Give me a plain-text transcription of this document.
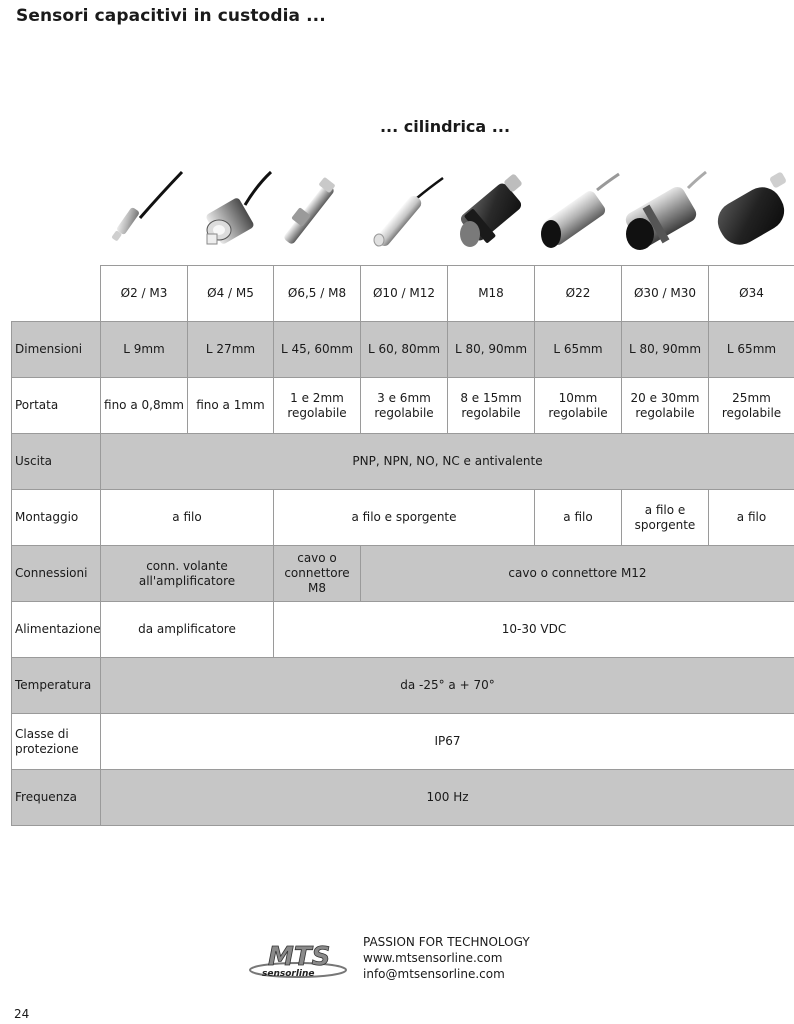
Sensori capacitivi in custodia ...
... cilindrica ...
	Ø2 / M3	Ø4 / M5	Ø6,5 / M8	Ø10 / M12	M18	Ø22	Ø30 / M30	Ø34
Dimensioni	L 9mm	L 27mm	L 45, 60mm	L 60, 80mm	L 80, 90mm	L 65mm	L 80, 90mm	L 65mm
Portata	fino a 0,8mm	fino a 1mm	1 e 2mm regolabile	3 e 6mm regolabile	8 e 15mm regolabile	10mm regolabile	20 e 30mm regolabile	25mm regolabile
Uscita	PNP, NPN, NO, NC e antivalente							
Montaggio	a filo		a filo e sporgente			a filo	a filo e sporgente	a filo
Connessioni	conn. volante all'amplificatore		cavo o connettore M8	cavo o connettore M12				
Alimentazione	da amplificatore		10-30 VDC					
Temperatura	da -25° a + 70°							
Classe di protezione	IP67							
Frequenza	100 Hz							
MTS
sensorline
PASSION FOR TECHNOLOGY
www.mtsensorline.com
info@mtsensorline.com
24
